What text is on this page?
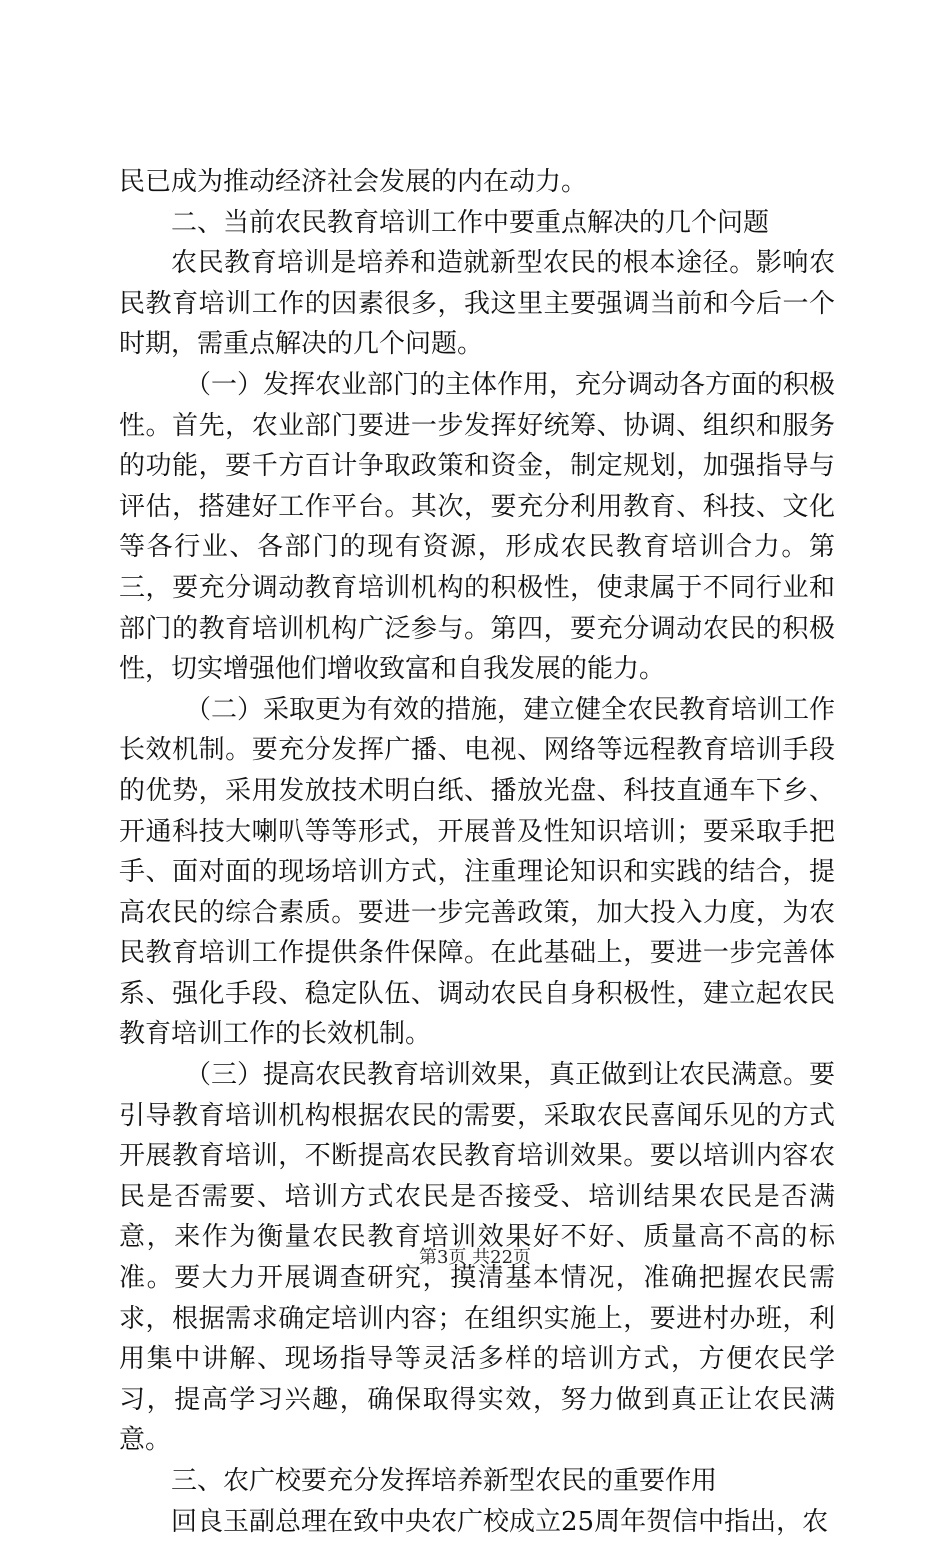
民已成为推动经济社会发展的内在动力。

二、当前农民教育培训工作中要重点解决的几个问题

农民教育培训是培养和造就新型农民的根本途径。影响农民教育培训工作的因素很多，我这里主要强调当前和今后一个时期，需重点解决的几个问题。

（一）发挥农业部门的主体作用，充分调动各方面的积极性。首先，农业部门要进一步发挥好统筹、协调、组织和服务的功能，要千方百计争取政策和资金，制定规划，加强指导与评估，搭建好工作平台。其次，要充分利用教育、科技、文化等各行业、各部门的现有资源，形成农民教育培训合力。第三，要充分调动教育培训机构的积极性，使隶属于不同行业和部门的教育培训机构广泛参与。第四，要充分调动农民的积极性，切实增强他们增收致富和自我发展的能力。

（二）采取更为有效的措施，建立健全农民教育培训工作长效机制。要充分发挥广播、电视、网络等远程教育培训手段的优势，采用发放技术明白纸、播放光盘、科技直通车下乡、开通科技大喇叭等等形式，开展普及性知识培训；要采取手把手、面对面的现场培训方式，注重理论知识和实践的结合，提高农民的综合素质。要进一步完善政策，加大投入力度，为农民教育培训工作提供条件保障。在此基础上，要进一步完善体系、强化手段、稳定队伍、调动农民自身积极性，建立起农民教育培训工作的长效机制。

（三）提高农民教育培训效果，真正做到让农民满意。要引导教育培训机构根据农民的需要，采取农民喜闻乐见的方式开展教育培训，不断提高农民教育培训效果。要以培训内容农民是否需要、培训方式农民是否接受、培训结果农民是否满意，来作为衡量农民教育培训效果好不好、质量高不高的标准。要大力开展调查研究，摸清基本情况，准确把握农民需求，根据需求确定培训内容；在组织实施上，要进村办班，利用集中讲解、现场指导等灵活多样的培训方式，方便农民学习，提高学习兴趣，确保取得实效，努力做到真正让农民满意。

三、农广校要充分发挥培养新型农民的重要作用

回良玉副总理在致中央农广校成立25周年贺信中指出，农

第3页 共22页
